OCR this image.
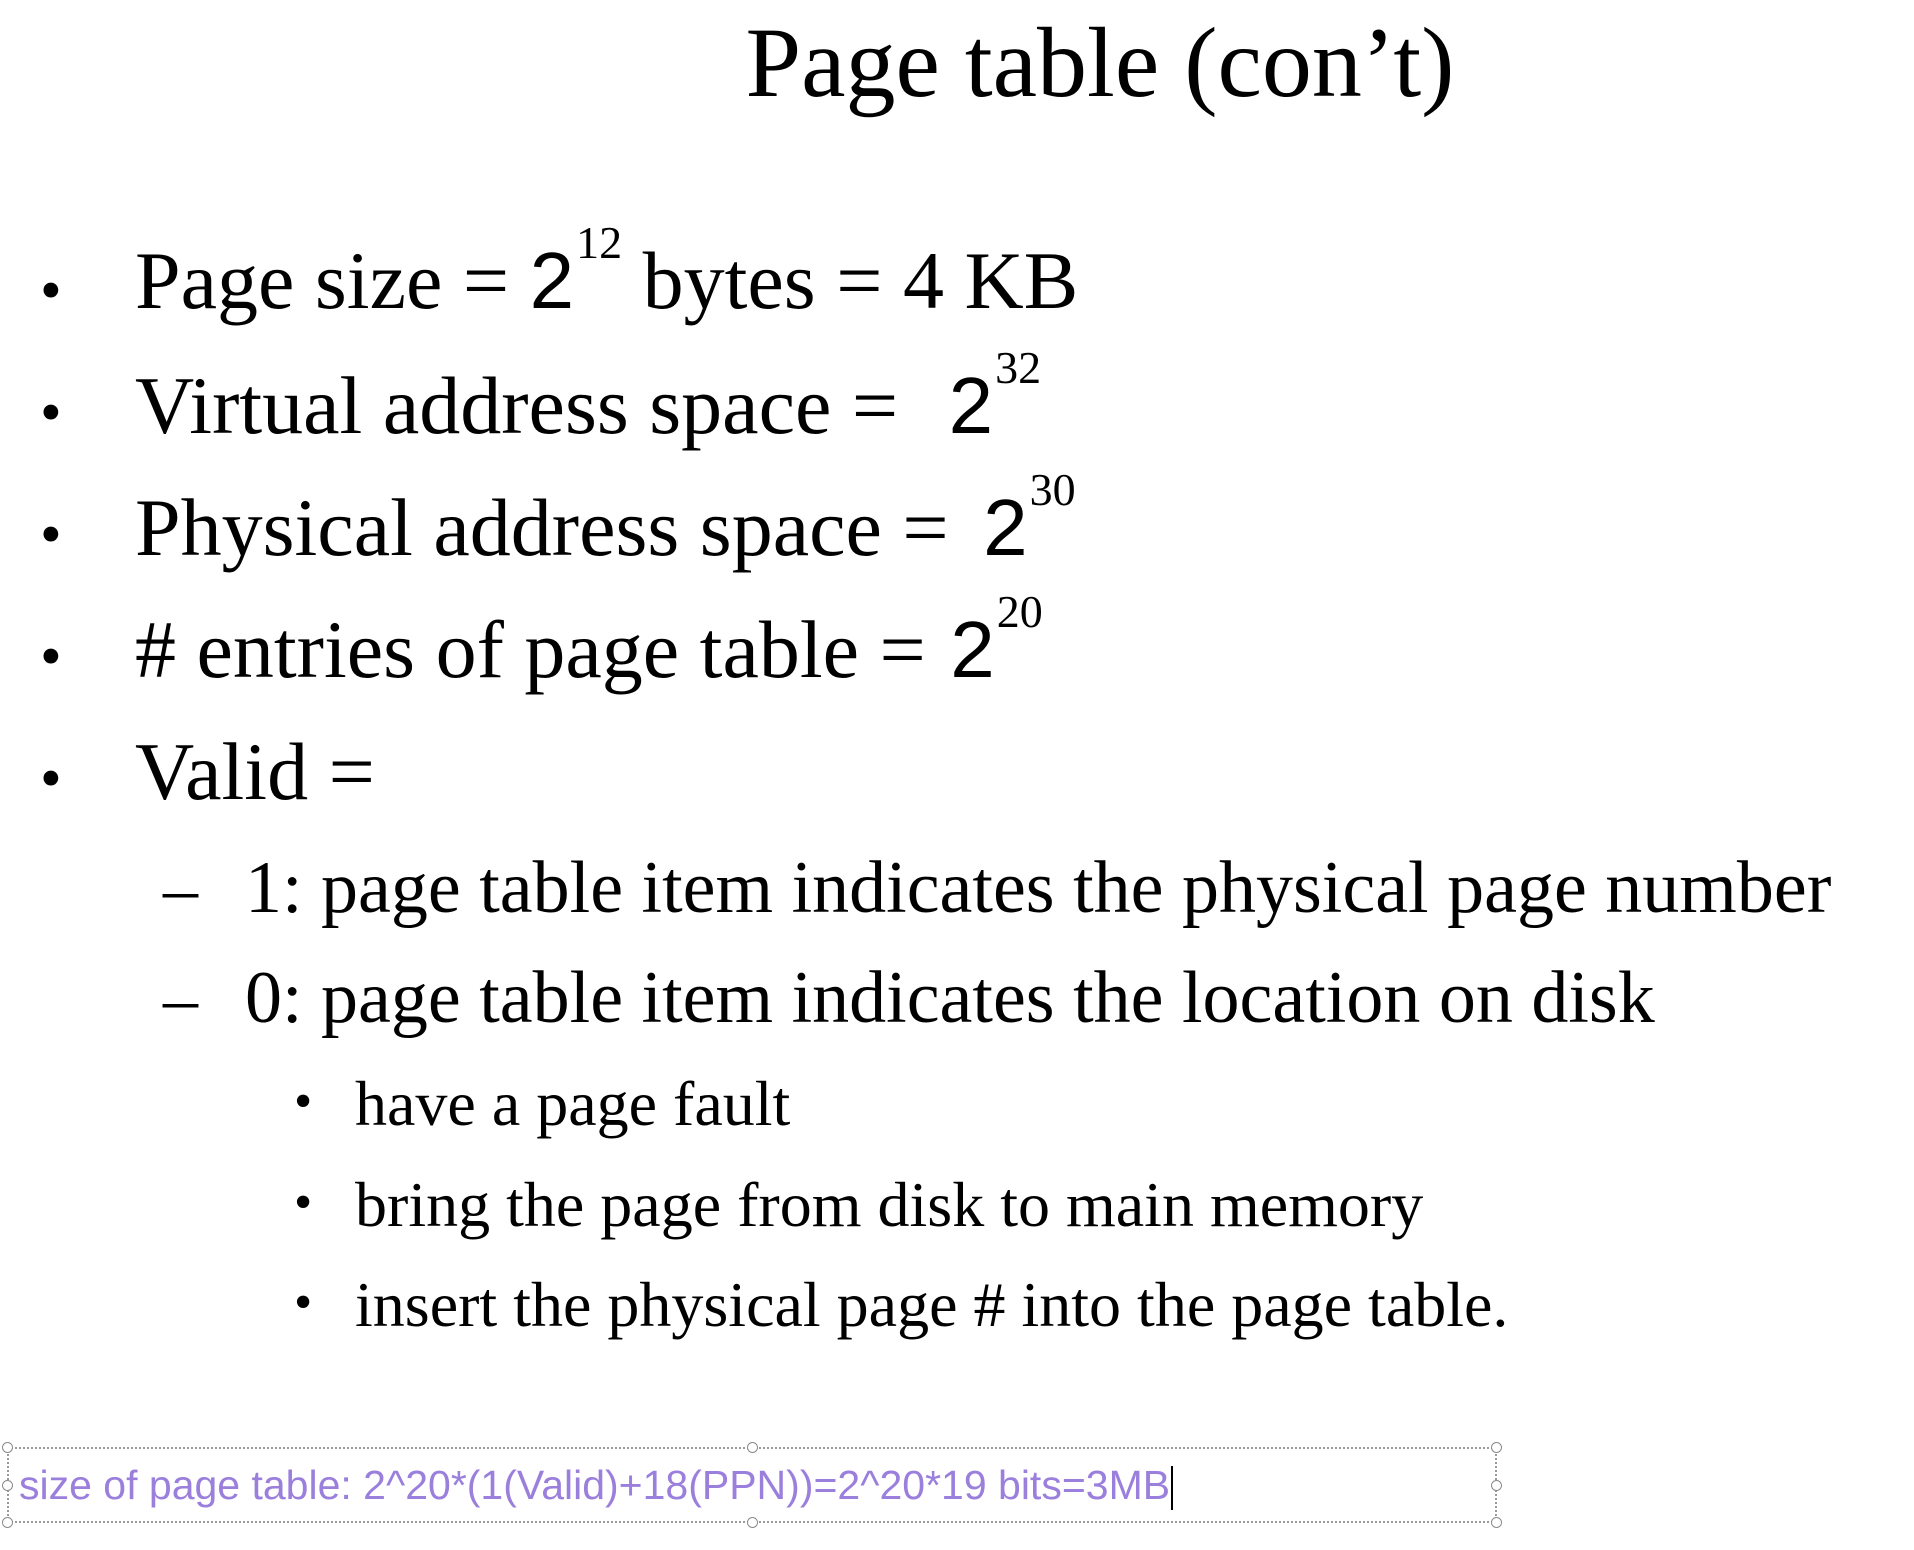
Page table (con’t)
• Page size = $2^{12}$ bytes = 4 KB
• Virtual address space = $2^{32}$
• Physical address space = $2^{30}$
• # entries of page table = $2^{20}$
• Valid =
– 1: page table item indicates the physical page number
– 0: page table item indicates the location on disk
• have a page fault
• bring the page from disk to main memory
• insert the physical page # into the page table.
size of page table: 2^20*(1(Valid)+18(PPN))=2^20*19 bits=3MB
